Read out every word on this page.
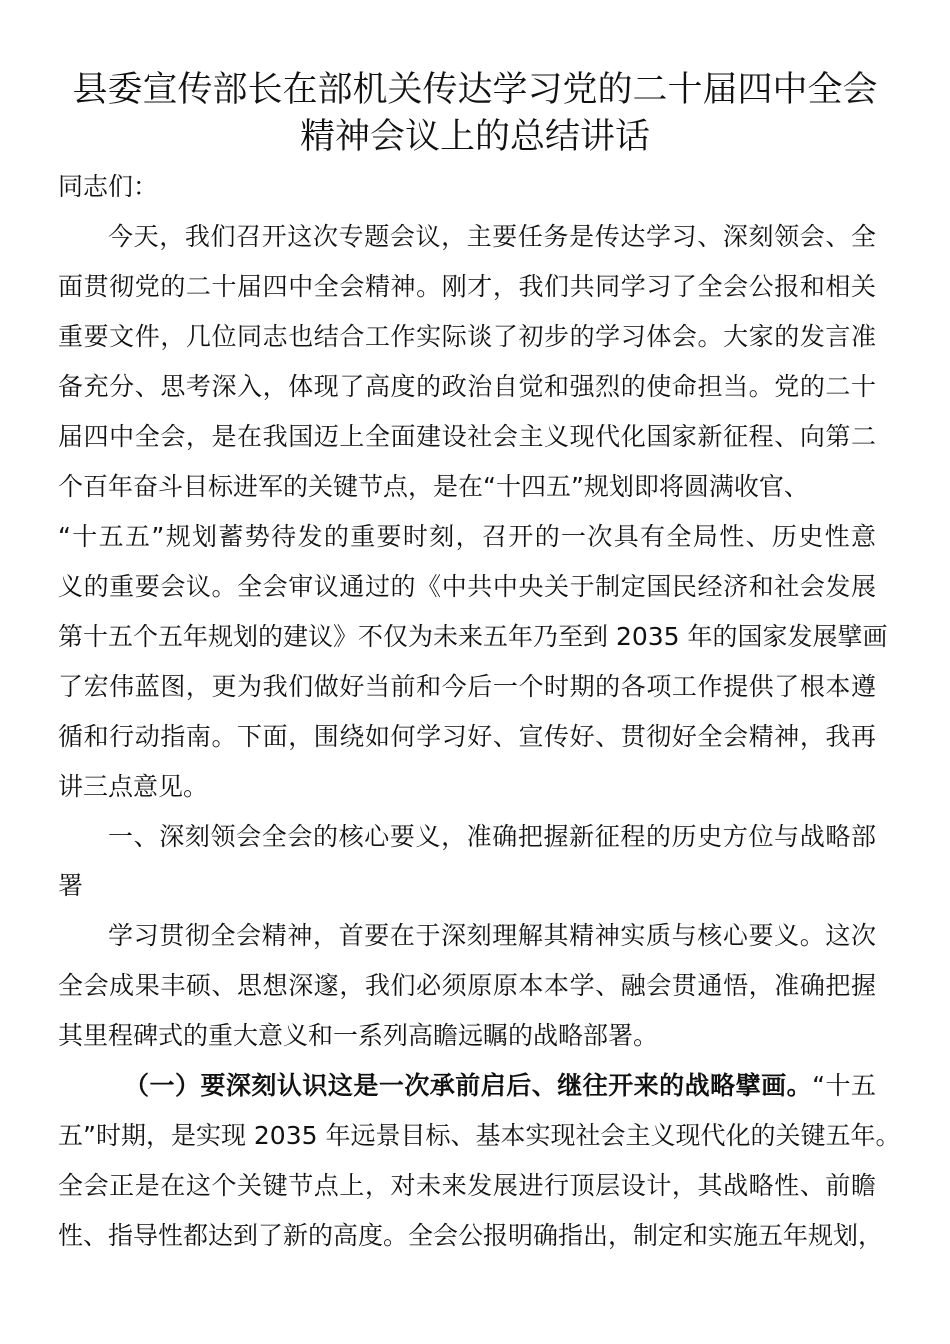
县委宣传部长在部机关传达学习党的二十届四中全会
精神会议上的总结讲话
同志们：
今天，我们召开这次专题会议，主要任务是传达学习、深刻领会、全
面贯彻党的二十届四中全会精神。刚才，我们共同学习了全会公报和相关
重要文件，几位同志也结合工作实际谈了初步的学习体会。大家的发言准
备充分、思考深入，体现了高度的政治自觉和强烈的使命担当。党的二十
届四中全会，是在我国迈上全面建设社会主义现代化国家新征程、向第二
个百年奋斗目标进军的关键节点，是在“十四五”规划即将圆满收官、
“十五五”规划蓄势待发的重要时刻，召开的一次具有全局性、历史性意
义的重要会议。全会审议通过的《中共中央关于制定国民经济和社会发展
第十五个五年规划的建议》不仅为未来五年乃至到 2035 年的国家发展擘画
了宏伟蓝图，更为我们做好当前和今后一个时期的各项工作提供了根本遵
循和行动指南。下面，围绕如何学习好、宣传好、贯彻好全会精神，我再
讲三点意见。
一、深刻领会全会的核心要义，准确把握新征程的历史方位与战略部
署
学习贯彻全会精神，首要在于深刻理解其精神实质与核心要义。这次
全会成果丰硕、思想深邃，我们必须原原本本学、融会贯通悟，准确把握
其里程碑式的重大意义和一系列高瞻远瞩的战略部署。
（一）要深刻认识这是一次承前启后、继往开来的战略擘画。“十五
五”时期，是实现 2035 年远景目标、基本实现社会主义现代化的关键五年。
全会正是在这个关键节点上，对未来发展进行顶层设计，其战略性、前瞻
性、指导性都达到了新的高度。全会公报明确指出，制定和实施五年规划，
